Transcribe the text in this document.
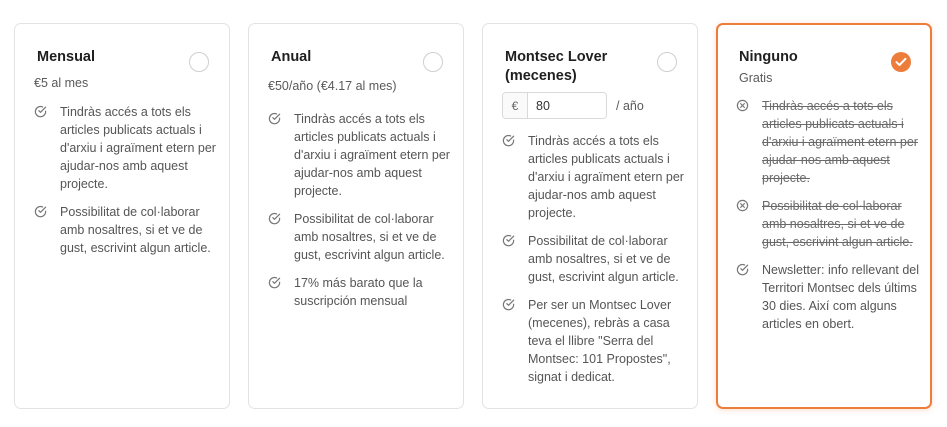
Mensual
€5 al mes
Tindràs accés a tots els articles publicats actuals i d'arxiu i agraïment etern per ajudar-nos amb aquest projecte.
Possibilitat de col·laborar amb nosaltres, si et ve de gust, escrivint algun article.
Anual
€50/año (€4.17 al mes)
Tindràs accés a tots els articles publicats actuals i d'arxiu i agraïment etern per ajudar-nos amb aquest projecte.
Possibilitat de col·laborar amb nosaltres, si et ve de gust, escrivint algun article.
17% más barato que la suscripción mensual
Montsec Lover (mecenes)
€
80	/ año
Tindràs accés a tots els articles publicats actuals i d'arxiu i agraïment etern per ajudar-nos amb aquest projecte.
Possibilitat de col·laborar amb nosaltres, si et ve de gust, escrivint algun article.
Per ser un Montsec Lover (mecenes), rebràs a casa teva el llibre "Serra del Montsec: 101 Propostes", signat i dedicat.
Ninguno
Gratis
Tindràs accés a tots els articles publicats actuals i d'arxiu i agraïment etern per ajudar-nos amb aquest projecte.
Possibilitat de col·laborar amb nosaltres, si et ve de gust, escrivint algun article.
Newsletter: info rellevant del Territori Montsec dels últims 30 dies. Així com alguns articles en obert.
